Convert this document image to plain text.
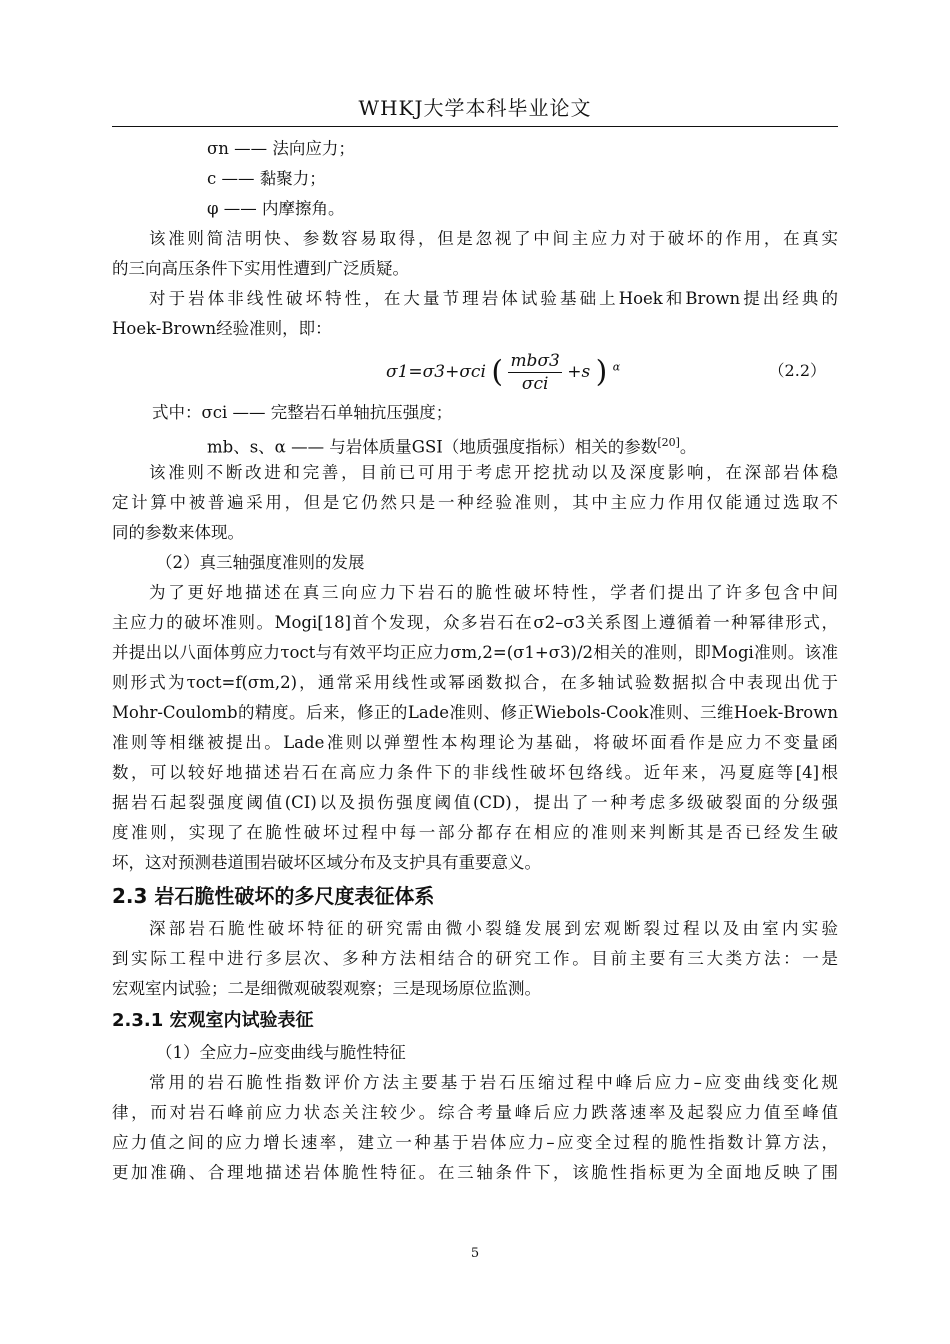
WHKJ大学本科毕业论文
σn —— 法向应力；
c —— 黏聚力；
φ —— 内摩擦角。
该准则简洁明快、参数容易取得，但是忽视了中间主应力对于破坏的作用，在真实
的三向高压条件下实用性遭到广泛质疑。
对于岩体非线性破坏特性，在大量节理岩体试验基础上Hoek和Brown提出经典的
Hoek-Brown经验准则，即：
σ1=σ3+σci ( $\frac{\text{mbσ3}}{\text{σci}} +s$ ) $^\alpha$	（2.2）
式中：σci —— 完整岩石单轴抗压强度；
mb、s、α —— 与岩体质量GSI（地质强度指标）相关的参数[20]。
该准则不断改进和完善，目前已可用于考虑开挖扰动以及深度影响，在深部岩体稳
定计算中被普遍采用，但是它仍然只是一种经验准则，其中主应力作用仅能通过选取不
同的参数来体现。
（2）真三轴强度准则的发展
为了更好地描述在真三向应力下岩石的脆性破坏特性，学者们提出了许多包含中间
主应力的破坏准则。Mogi[18]首个发现，众多岩石在σ2–σ3关系图上遵循着一种幂律形式，
并提出以八面体剪应力τoct与有效平均正应力σm,2=(σ1+σ3)/2相关的准则，即Mogi准则。该准
则形式为τoct=f(σm,2)，通常采用线性或幂函数拟合，在多轴试验数据拟合中表现出优于
Mohr-Coulomb的精度。后来，修正的Lade准则、修正Wiebols-Cook准则、三维Hoek-Brown
准则等相继被提出。Lade准则以弹塑性本构理论为基础，将破坏面看作是应力不变量函
数，可以较好地描述岩石在高应力条件下的非线性破坏包络线。近年来，冯夏庭等[4]根
据岩石起裂强度阈值(CI)以及损伤强度阈值(CD)，提出了一种考虑多级破裂面的分级强
度准则，实现了在脆性破坏过程中每一部分都存在相应的准则来判断其是否已经发生破
坏，这对预测巷道围岩破坏区域分布及支护具有重要意义。
2.3 岩石脆性破坏的多尺度表征体系
深部岩石脆性破坏特征的研究需由微小裂缝发展到宏观断裂过程以及由室内实验
到实际工程中进行多层次、多种方法相结合的研究工作。目前主要有三大类方法：一是
宏观室内试验；二是细微观破裂观察；三是现场原位监测。
2.3.1 宏观室内试验表征
（1）全应力–应变曲线与脆性特征
常用的岩石脆性指数评价方法主要基于岩石压缩过程中峰后应力–应变曲线变化规
律，而对岩石峰前应力状态关注较少。综合考量峰后应力跌落速率及起裂应力值至峰值
应力值之间的应力增长速率，建立一种基于岩体应力–应变全过程的脆性指数计算方法，
更加准确、合理地描述岩体脆性特征。在三轴条件下，该脆性指标更为全面地反映了围
5
